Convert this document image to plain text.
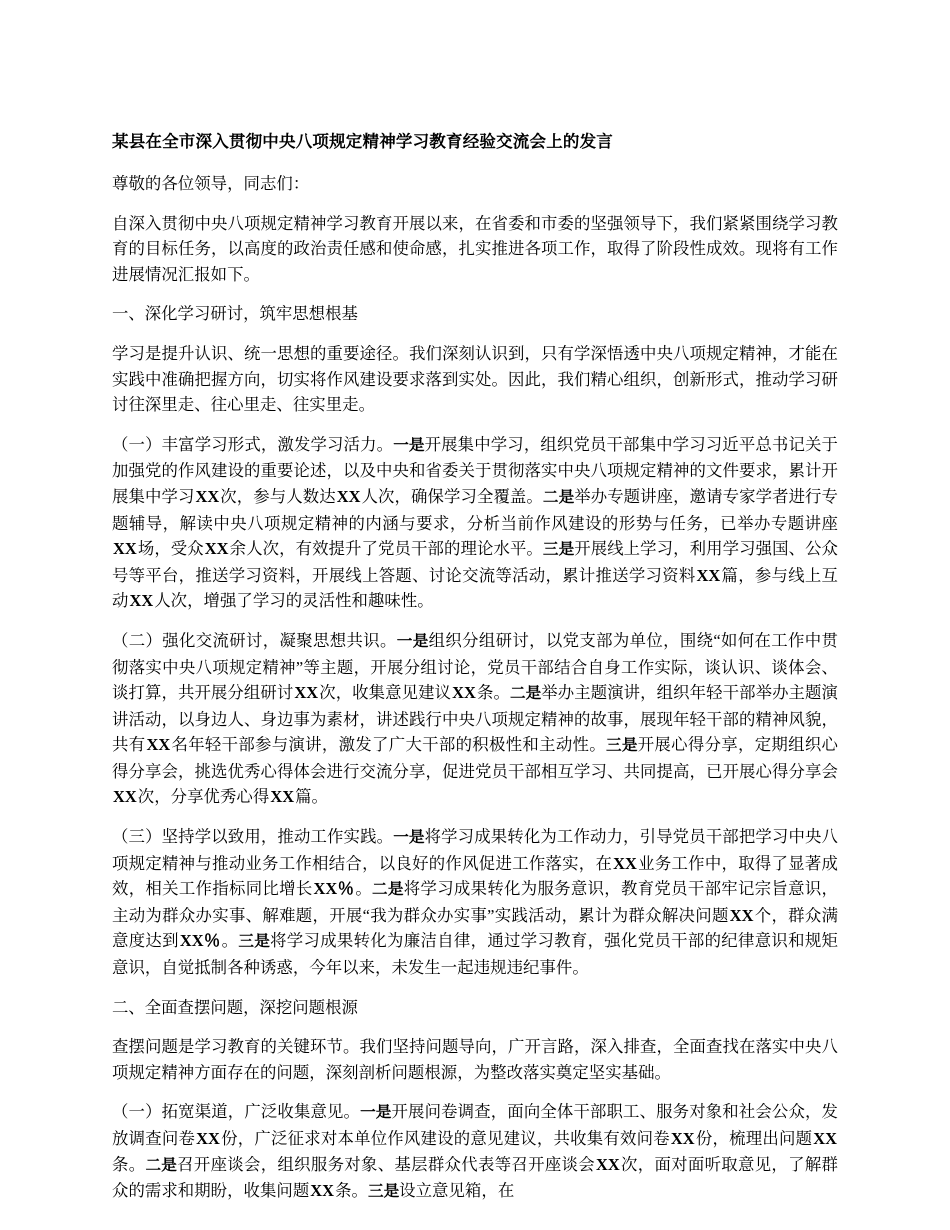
某县在全市深入贯彻中央八项规定精神学习教育经验交流会上的发言

尊敬的各位领导，同志们：

自深入贯彻中央八项规定精神学习教育开展以来，在省委和市委的坚强领导下，我们紧紧围绕学习教育的目标任务，以高度的政治责任感和使命感，扎实推进各项工作，取得了阶段性成效。现将有工作进展情况汇报如下。

一、深化学习研讨，筑牢思想根基

学习是提升认识、统一思想的重要途径。我们深刻认识到，只有学深悟透中央八项规定精神，才能在实践中准确把握方向，切实将作风建设要求落到实处。因此，我们精心组织，创新形式，推动学习研讨往深里走、往心里走、往实里走。

（一）丰富学习形式，激发学习活力。一是开展集中学习，组织党员干部集中学习习近平总书记关于加强党的作风建设的重要论述，以及中央和省委关于贯彻落实中央八项规定精神的文件要求，累计开展集中学习XX次，参与人数达XX人次，确保学习全覆盖。二是举办专题讲座，邀请专家学者进行专题辅导，解读中央八项规定精神的内涵与要求，分析当前作风建设的形势与任务，已举办专题讲座XX场，受众XX余人次，有效提升了党员干部的理论水平。三是开展线上学习，利用学习强国、公众号等平台，推送学习资料，开展线上答题、讨论交流等活动，累计推送学习资料XX篇，参与线上互动XX人次，增强了学习的灵活性和趣味性。

（二）强化交流研讨，凝聚思想共识。一是组织分组研讨，以党支部为单位，围绕“如何在工作中贯彻落实中央八项规定精神”等主题，开展分组讨论，党员干部结合自身工作实际，谈认识、谈体会、谈打算，共开展分组研讨XX次，收集意见建议XX条。二是举办主题演讲，组织年轻干部举办主题演讲活动，以身边人、身边事为素材，讲述践行中央八项规定精神的故事，展现年轻干部的精神风貌，共有XX名年轻干部参与演讲，激发了广大干部的积极性和主动性。三是开展心得分享，定期组织心得分享会，挑选优秀心得体会进行交流分享，促进党员干部相互学习、共同提高，已开展心得分享会XX次，分享优秀心得XX篇。

（三）坚持学以致用，推动工作实践。一是将学习成果转化为工作动力，引导党员干部把学习中央八项规定精神与推动业务工作相结合，以良好的作风促进工作落实，在XX业务工作中，取得了显著成效，相关工作指标同比增长XX％。二是将学习成果转化为服务意识，教育党员干部牢记宗旨意识，主动为群众办实事、解难题，开展“我为群众办实事”实践活动，累计为群众解决问题XX个，群众满意度达到XX％。三是将学习成果转化为廉洁自律，通过学习教育，强化党员干部的纪律意识和规矩意识，自觉抵制各种诱惑，今年以来，未发生一起违规违纪事件。

二、全面查摆问题，深挖问题根源

查摆问题是学习教育的关键环节。我们坚持问题导向，广开言路，深入排查，全面查找在落实中央八项规定精神方面存在的问题，深刻剖析问题根源，为整改落实奠定坚实基础。

（一）拓宽渠道，广泛收集意见。一是开展问卷调查，面向全体干部职工、服务对象和社会公众，发放调查问卷XX份，广泛征求对本单位作风建设的意见建议，共收集有效问卷XX份，梳理出问题XX条。二是召开座谈会，组织服务对象、基层群众代表等召开座谈会XX次，面对面听取意见，了解群众的需求和期盼，收集问题XX条。三是设立意见箱，在
